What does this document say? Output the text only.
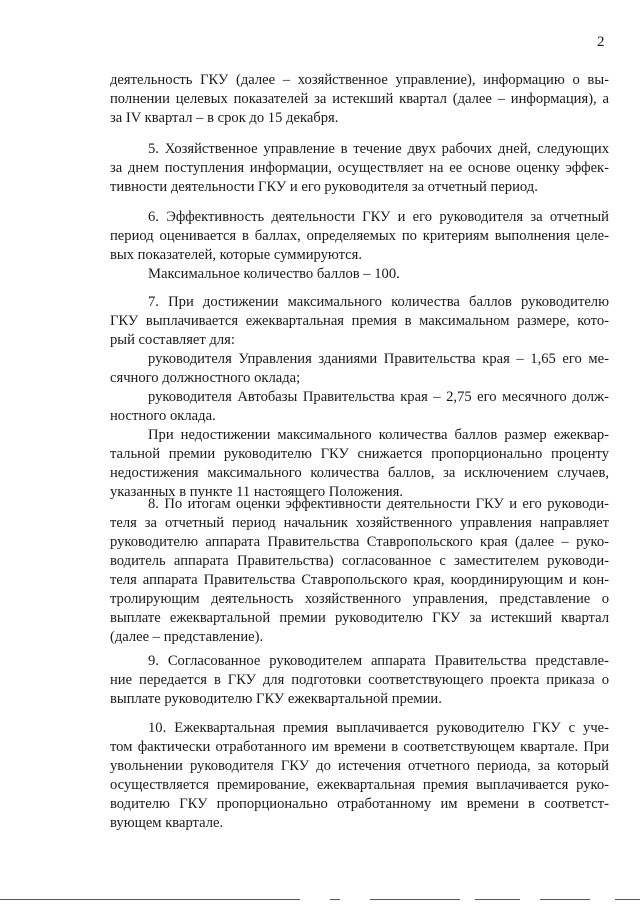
2
деятельность ГКУ (далее – хозяйственное управление), информацию о вы-
полнении целевых показателей за истекший квартал (далее – информация), а
за IV квартал – в срок до 15 декабря.
5. Хозяйственное управление в течение двух рабочих дней, следующих
за днем поступления информации, осуществляет на ее основе оценку эффек-
тивности деятельности ГКУ и его руководителя за отчетный период.
6. Эффективность деятельности ГКУ и его руководителя за отчетный
период оценивается в баллах, определяемых по критериям выполнения целе-
вых показателей, которые суммируются.
Максимальное количество баллов – 100.
7. При достижении максимального количества баллов руководителю
ГКУ выплачивается ежеквартальная премия в максимальном размере, кото-
рый составляет для:
руководителя Управления зданиями Правительства края – 1,65 его ме-
сячного должностного оклада;
руководителя Автобазы Правительства края – 2,75 его месячного долж-
ностного оклада.
При недостижении максимального количества баллов размер ежеквар-
тальной премии руководителю ГКУ снижается пропорционально проценту
недостижения максимального количества баллов, за исключением случаев,
указанных в пункте 11 настоящего Положения.
8. По итогам оценки эффективности деятельности ГКУ и его руководи-
теля за отчетный период начальник хозяйственного управления направляет
руководителю аппарата Правительства Ставропольского края (далее – руко-
водитель аппарата Правительства) согласованное с заместителем руководи-
теля аппарата Правительства Ставропольского края, координирующим и кон-
тролирующим деятельность хозяйственного управления, представление о
выплате ежеквартальной премии руководителю ГКУ за истекший квартал
(далее – представление).
9. Согласованное руководителем аппарата Правительства представле-
ние передается в ГКУ для подготовки соответствующего проекта приказа о
выплате руководителю ГКУ ежеквартальной премии.
10. Ежеквартальная премия выплачивается руководителю ГКУ с уче-
том фактически отработанного им времени в соответствующем квартале. При
увольнении руководителя ГКУ до истечения отчетного периода, за который
осуществляется премирование, ежеквартальная премия выплачивается руко-
водителю ГКУ пропорционально отработанному им времени в соответст-
вующем квартале.
